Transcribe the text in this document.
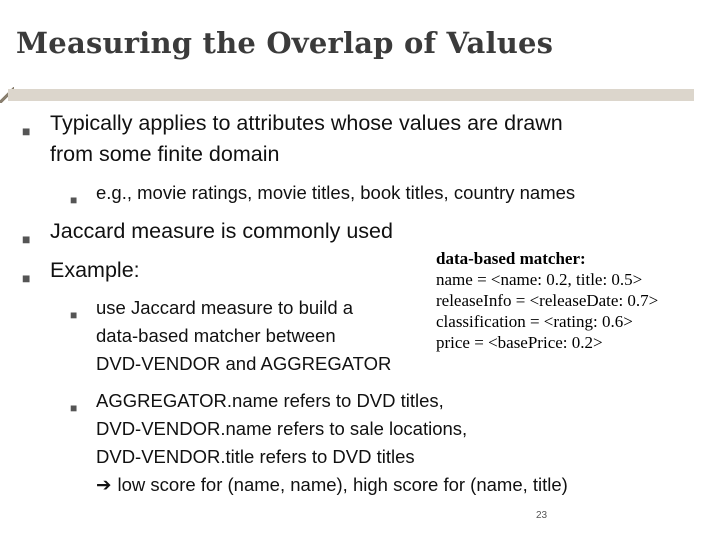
Measuring the Overlap of Values
■ Typically applies to attributes whose values are drawn
from some finite domain
■ e.g., movie ratings, movie titles, book titles, country names
■ Jaccard measure is commonly used
■ Example:
■ use Jaccard measure to build a
data-based matcher between
DVD-VENDOR and AGGREGATOR
■ AGGREGATOR.name refers to DVD titles,
DVD-VENDOR.name refers to sale locations,
DVD-VENDOR.title refers to DVD titles
➔ low score for (name, name), high score for (name, title)
data-based matcher:
name = <name: 0.2, title: 0.5>
releaseInfo = <releaseDate: 0.7>
classification = <rating: 0.6>
price = <basePrice: 0.2>
23
